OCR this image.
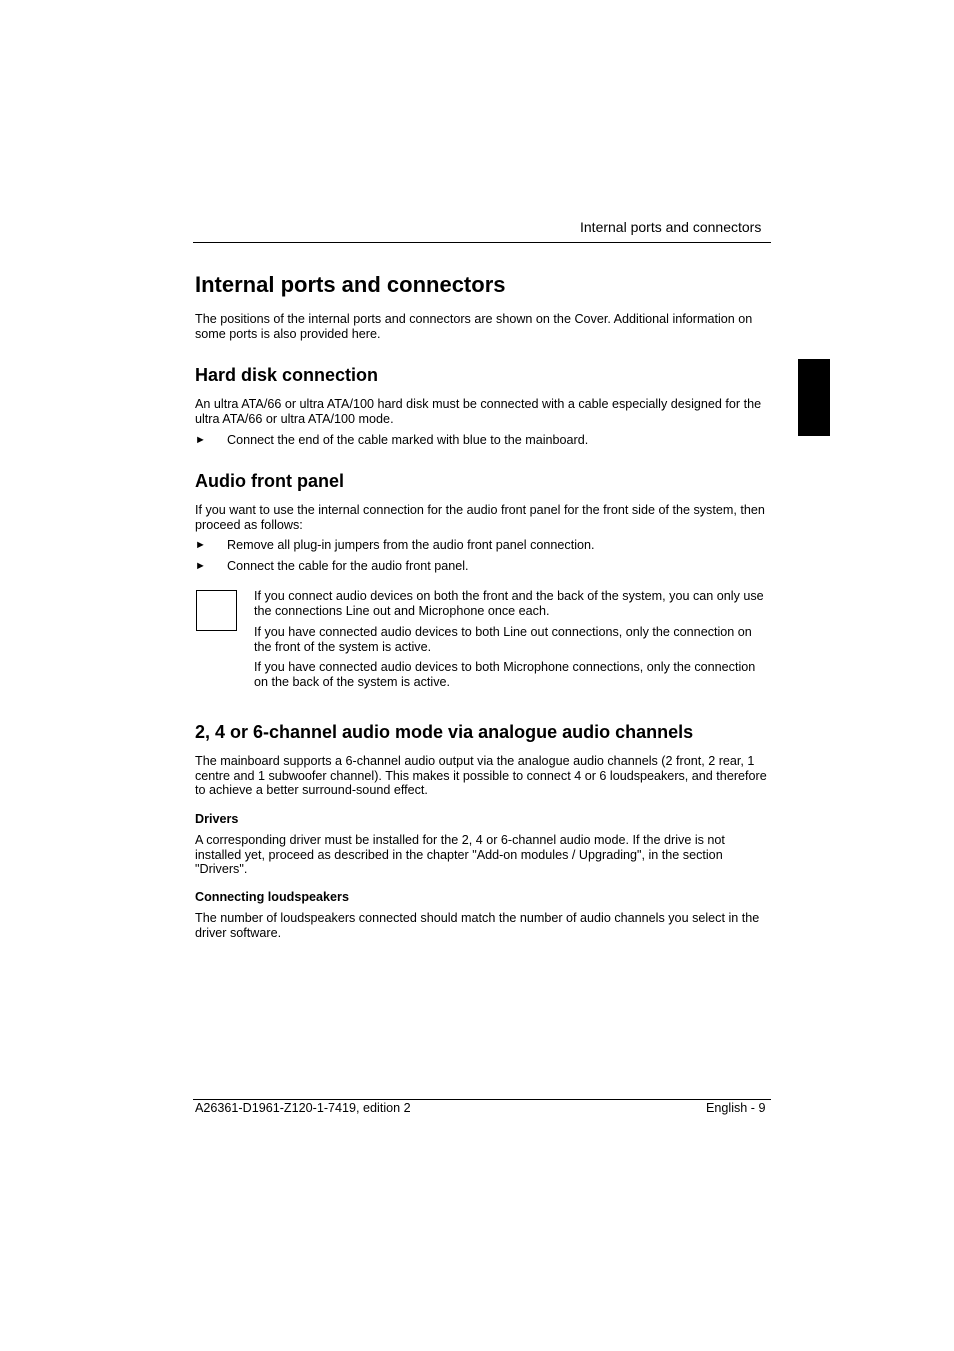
Internal ports and connectors
Internal ports and connectors
The positions of the internal ports and connectors are shown on the Cover. Additional information on some ports is also provided here.
Hard disk connection
An ultra ATA/66 or ultra ATA/100 hard disk must be connected with a cable especially designed for the ultra ATA/66 or ultra ATA/100 mode.
► Connect the end of the cable marked with blue to the mainboard.
Audio front panel
If you want to use the internal connection for the audio front panel for the front side of the system, then proceed as follows:
► Remove all plug-in jumpers from the audio front panel connection.
► Connect the cable for the audio front panel.
If you connect audio devices on both the front and the back of the system, you can only use the connections Line out and Microphone once each.
If you have connected audio devices to both Line out connections, only the connection on the front of the system is active.
If you have connected audio devices to both Microphone connections, only the connection on the back of the system is active.
2, 4 or 6-channel audio mode via analogue audio channels
The mainboard supports a 6-channel audio output via the analogue audio channels (2 front, 2 rear, 1 centre and 1 subwoofer channel). This makes it possible to connect 4 or 6 loudspeakers, and therefore to achieve a better surround-sound effect.
Drivers
A corresponding driver must be installed for the 2, 4 or 6-channel audio mode. If the drive is not installed yet, proceed as described in the chapter "Add-on modules / Upgrading", in the section "Drivers".
Connecting loudspeakers
The number of loudspeakers connected should match the number of audio channels you select in the driver software.
A26361-D1961-Z120-1-7419, edition 2	English - 9
